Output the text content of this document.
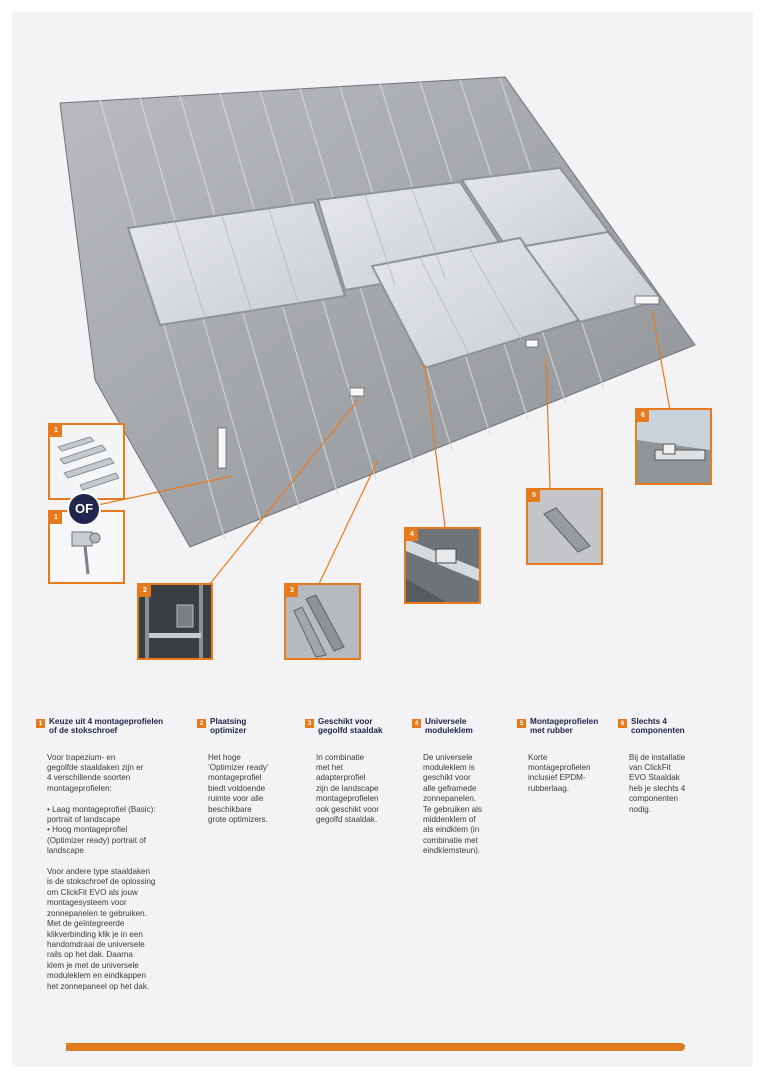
1
1
OF
2	3
4
5
6
1 Keuze uit 4 montageprofielen
of de stokschroef
Voor trapezium- en
gegolfde staaldaken zijn er
4 verschillende soorten
montageprofielen:

• Laag montageprofiel (Basic):
portrait of landscape
• Hoog montageprofiel
(Optimizer ready) portrait of
landscape

Voor andere type staaldaken
is de stokschroef de oplossing
om ClickFit EVO als jouw
montagesysteem voor
zonnepanelen te gebruiken.
Met de geïntegreerde
klikverbinding klik je in een
handomdraai de universele
rails op het dak. Daarna
klem je met de universele
moduleklem en eindkappen
het zonnepaneel op het dak.
2 Plaatsing
optimizer
Het hoge
‘Optimizer ready’
montageprofiel
biedt voldoende
ruimte voor alle
beschikbare
grote optimizers.
3 Geschikt voor
gegolfd staaldak
In combinatie
met het
adapterprofiel
zijn de landscape
montageprofielen
ook geschikt voor
gegolfd staaldak.
4 Universele
moduleklem
De universele
moduleklem is
geschikt voor
alle geframede
zonnepanelen.
Te gebruiken als
middenklem of
als eindklem (in
combinatie met
eindklemsteun).
5 Montageprofielen
met rubber
Korte
montageprofielen
inclusief EPDM-
rubberlaag.
6 Slechts 4
componenten
Bij de installatie
van ClickFit
EVO Staaldak
heb je slechts 4
componenten
nodig.
